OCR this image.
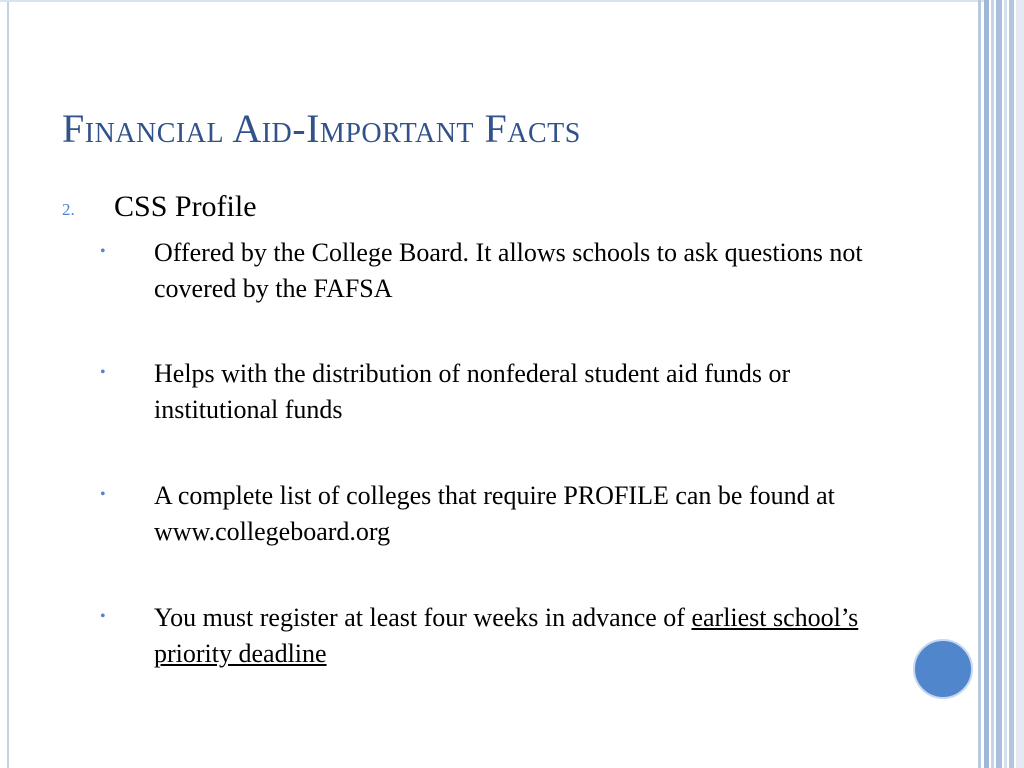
Financial Aid-Important Facts
2. CSS Profile
• Offered by the College Board. It allows schools to ask questions not covered by the FAFSA
• Helps with the distribution of nonfederal student aid funds or institutional funds
• A complete list of colleges that require PROFILE can be found at www.collegeboard.org
• You must register at least four weeks in advance of earliest school’s priority deadline
